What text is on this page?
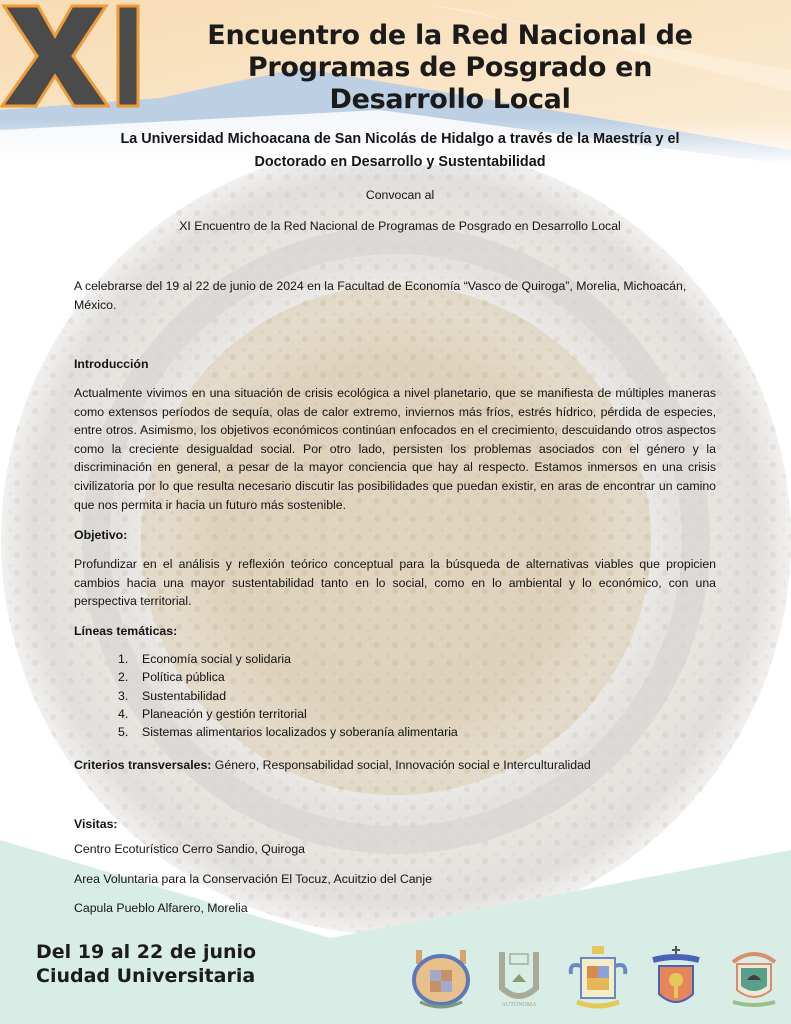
Encuentro de la Red Nacional de
Programas de Posgrado en
Desarrollo Local
La Universidad Michoacana de San Nicolás de Hidalgo a través de la Maestría y el
Doctorado en Desarrollo y Sustentabilidad
Convocan al
XI Encuentro de la Red Nacional de Programas de Posgrado en Desarrollo Local
A celebrarse del 19 al 22 de junio de 2024 en la Facultad de Economía “Vasco de Quiroga”, Morelia, Michoacán, México.
Introducción
Actualmente vivimos en una situación de crisis ecológica a nivel planetario, que se manifiesta de múltiples maneras como extensos períodos de sequía, olas de calor extremo, inviernos más fríos, estrés hídrico, pérdida de especies, entre otros. Asimismo, los objetivos económicos continúan enfocados en el crecimiento, descuidando otros aspectos como la creciente desigualdad social. Por otro lado, persisten los problemas asociados con el género y la discriminación en general, a pesar de la mayor conciencia que hay al respecto. Estamos inmersos en una crisis civilizatoria por lo que resulta necesario discutir las posibilidades que puedan existir, en aras de encontrar un camino que nos permita ir hacia un futuro más sostenible.
Objetivo:
Profundizar en el análisis y reflexión teórico conceptual para la búsqueda de alternativas viables que propicien cambios hacia una mayor sustentabilidad tanto en lo social, como en lo ambiental y lo económico, con una perspectiva territorial.
Líneas temáticas:
1.	Economía social y solidaria
2.	Política pública
3.	Sustentabilidad
4.	Planeación y gestión territorial
5.	Sistemas alimentarios localizados y soberanía alimentaria
Criterios transversales: Género, Responsabilidad social, Innovación social e Interculturalidad
Visitas:
Centro Ecoturístico Cerro Sandio, Quiroga
Area Voluntaria para la Conservación El Tocuz, Acuitzio del Canje
Capula Pueblo Alfarero, Morelia
Del 19 al 22 de junio
Ciudad Universitaria
AUTONOMA
